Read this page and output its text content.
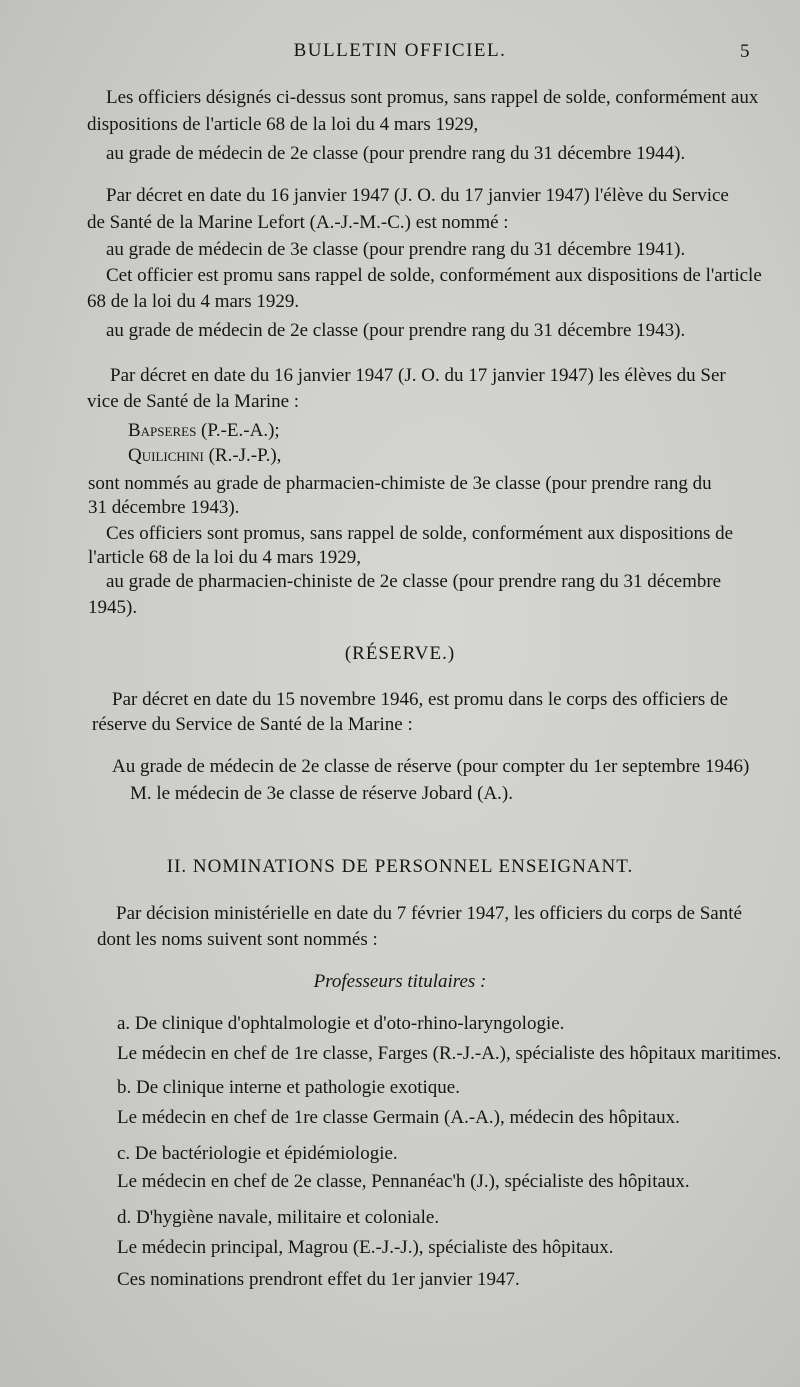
BULLETIN OFFICIEL.	5
Les officiers désignés ci-dessus sont promus, sans rappel de solde, conformément aux
dispositions de l'article 68 de la loi du 4 mars 1929,
au grade de médecin de 2e classe (pour prendre rang du 31 décembre 1944).
Par décret en date du 16 janvier 1947 (J. O. du 17 janvier 1947) l'élève du Service
de Santé de la Marine Lefort (A.-J.-M.-C.) est nommé :
au grade de médecin de 3e classe (pour prendre rang du 31 décembre 1941).
Cet officier est promu sans rappel de solde, conformément aux dispositions de l'article
68 de la loi du 4 mars 1929.
au grade de médecin de 2e classe (pour prendre rang du 31 décembre 1943).
Par décret en date du 16 janvier 1947 (J. O. du 17 janvier 1947) les élèves du Ser
vice de Santé de la Marine :
Bapseres (P.-E.-A.);
Quilichini (R.-J.-P.),
sont nommés au grade de pharmacien-chimiste de 3e classe (pour prendre rang du
31 décembre 1943).
Ces officiers sont promus, sans rappel de solde, conformément aux dispositions de
l'article 68 de la loi du 4 mars 1929,
au grade de pharmacien-chiniste de 2e classe (pour prendre rang du 31 décembre
1945).
(RÉSERVE.)
Par décret en date du 15 novembre 1946, est promu dans le corps des officiers de
réserve du Service de Santé de la Marine :
Au grade de médecin de 2e classe de réserve (pour compter du 1er septembre 1946)
M. le médecin de 3e classe de réserve Jobard (A.).
II. NOMINATIONS DE PERSONNEL ENSEIGNANT.
Par décision ministérielle en date du 7 février 1947, les officiers du corps de Santé
dont les noms suivent sont nommés :
Professeurs titulaires :
a. De clinique d'ophtalmologie et d'oto-rhino-laryngologie.
Le médecin en chef de 1re classe, Farges (R.-J.-A.), spécialiste des hôpitaux maritimes.
b. De clinique interne et pathologie exotique.
Le médecin en chef de 1re classe Germain (A.-A.), médecin des hôpitaux.
c. De bactériologie et épidémiologie.
Le médecin en chef de 2e classe, Pennanéac'h (J.), spécialiste des hôpitaux.
d. D'hygiène navale, militaire et coloniale.
Le médecin principal, Magrou (E.-J.-J.), spécialiste des hôpitaux.
Ces nominations prendront effet du 1er janvier 1947.
